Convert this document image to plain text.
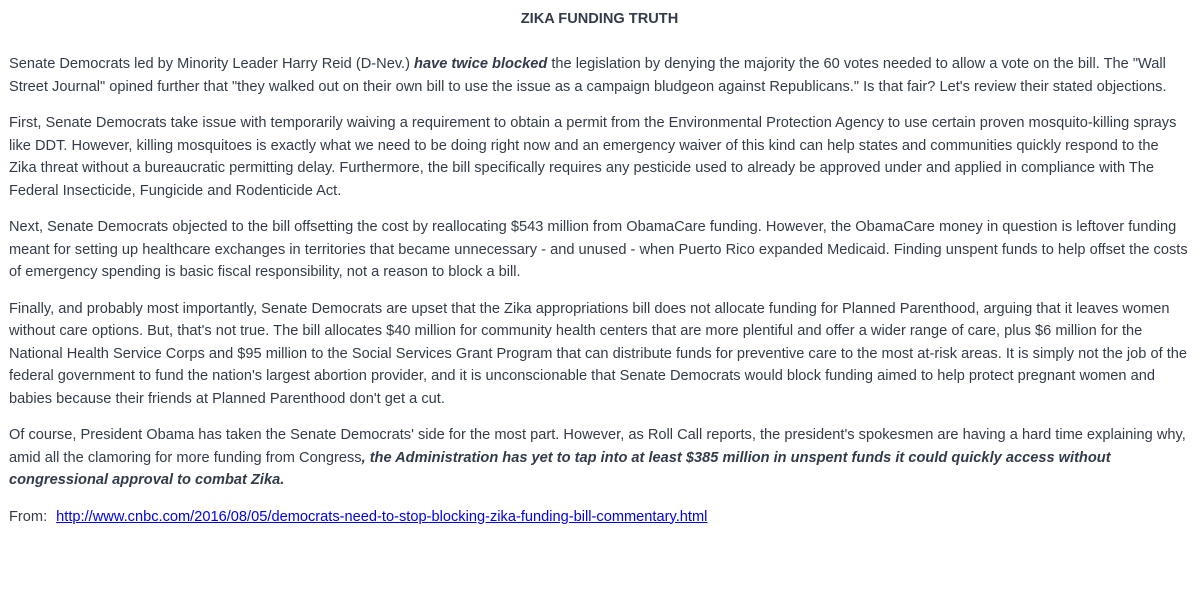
ZIKA FUNDING TRUTH

Senate Democrats led by Minority Leader Harry Reid (D-Nev.) have twice blocked the legislation by denying the majority the 60 votes needed to allow a vote on the bill. The "Wall Street Journal" opined further that "they walked out on their own bill to use the issue as a campaign bludgeon against Republicans." Is that fair? Let's review their stated objections.

First, Senate Democrats take issue with temporarily waiving a requirement to obtain a permit from the Environmental Protection Agency to use certain proven mosquito-killing sprays like DDT. However, killing mosquitoes is exactly what we need to be doing right now and an emergency waiver of this kind can help states and communities quickly respond to the Zika threat without a bureaucratic permitting delay. Furthermore, the bill specifically requires any pesticide used to already be approved under and applied in compliance with The Federal Insecticide, Fungicide and Rodenticide Act.

Next, Senate Democrats objected to the bill offsetting the cost by reallocating $543 million from ObamaCare funding. However, the ObamaCare money in question is leftover funding meant for setting up healthcare exchanges in territories that became unnecessary - and unused - when Puerto Rico expanded Medicaid. Finding unspent funds to help offset the costs of emergency spending is basic fiscal responsibility, not a reason to block a bill.

Finally, and probably most importantly, Senate Democrats are upset that the Zika appropriations bill does not allocate funding for Planned Parenthood, arguing that it leaves women without care options. But, that's not true. The bill allocates $40 million for community health centers that are more plentiful and offer a wider range of care, plus $6 million for the National Health Service Corps and $95 million to the Social Services Grant Program that can distribute funds for preventive care to the most at-risk areas. It is simply not the job of the federal government to fund the nation's largest abortion provider, and it is unconscionable that Senate Democrats would block funding aimed to help protect pregnant women and babies because their friends at Planned Parenthood don't get a cut.

Of course, President Obama has taken the Senate Democrats' side for the most part. However, as Roll Call reports, the president's spokesmen are having a hard time explaining why, amid all the clamoring for more funding from Congress, the Administration has yet to tap into at least $385 million in unspent funds it could quickly access without congressional approval to combat Zika.

From: http://www.cnbc.com/2016/08/05/democrats-need-to-stop-blocking-zika-funding-bill-commentary.html
